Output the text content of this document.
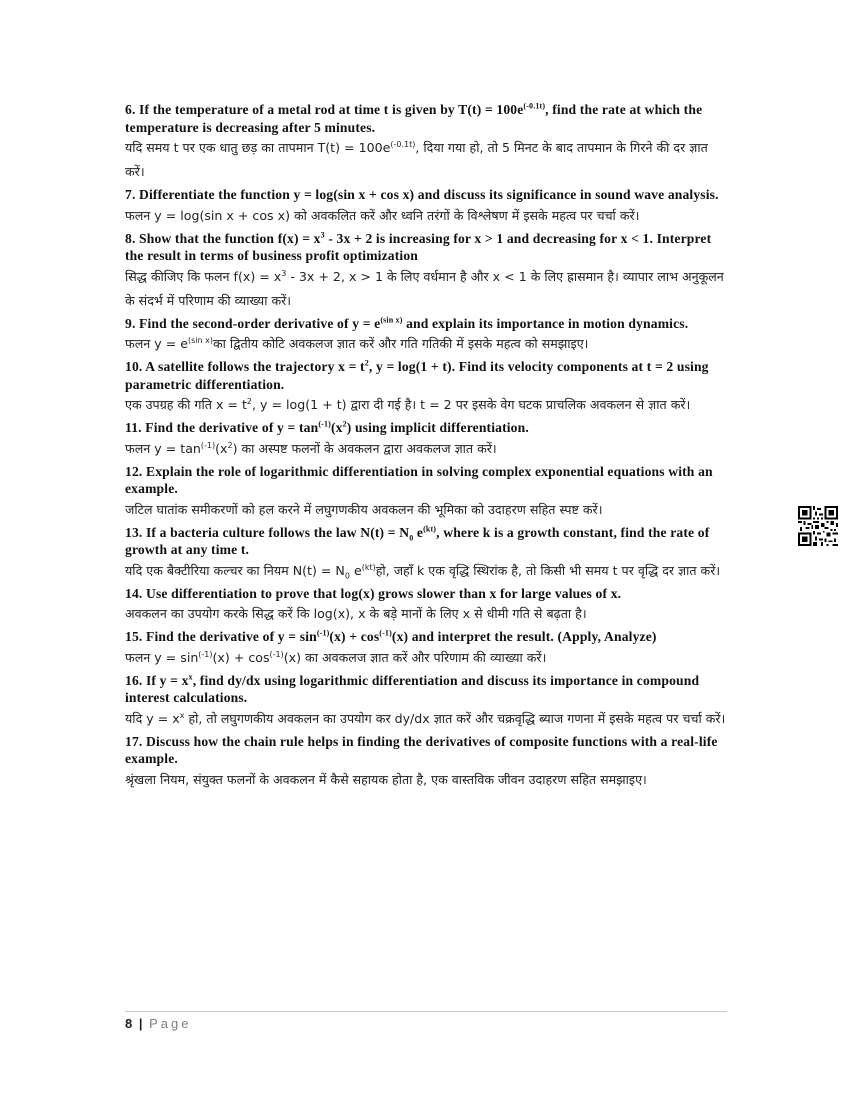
6. If the temperature of a metal rod at time t is given by $T(t) = 100e^{(-0.1t)}$, find the rate at which the temperature is decreasing after 5 minutes.
यदि समय t पर एक धातु छड़ का तापमान $T(t) = 100e^{(-0.1t)}$, दिया गया हो, तो 5 मिनट के बाद तापमान के गिरने की दर ज्ञात करें।
7. Differentiate the function y = log(sin x + cos x) and discuss its significance in sound wave analysis.
फलन y = log(sin x + cos x) को अवकलित करें और ध्वनि तरंगों के विश्लेषण में इसके महत्व पर चर्चा करें।
8. Show that the function $f(x) = x^3 - 3x + 2$ is increasing for x > 1 and decreasing for x < 1. Interpret the result in terms of business profit optimization
सिद्ध कीजिए कि फलन $f(x) = x^3 - 3x + 2$, x > 1 के लिए वर्धमान है और x < 1 के लिए ह्रासमान है। व्यापार लाभ अनुकूलन के संदर्भ में परिणाम की व्याख्या करें।
9. Find the second-order derivative of $y = e^{(sin x)}$ and explain its importance in motion dynamics.
फलन $y = e^{(sin x)}का$ द्वितीय कोटि अवकलज ज्ञात करें और गति गतिकी में इसके महत्व को समझाइए।
10. A satellite follows the trajectory $x = t^2$, y = log(1 + t). Find its velocity components at t = 2 using parametric differentiation.
एक उपग्रह की गति $x = t^2$, y = log(1 + t) द्वारा दी गई है। t = 2 पर इसके वेग घटक प्राचलिक अवकलन से ज्ञात करें।
11. Find the derivative of $y = \tan^{(-1)}(x^2)$ using implicit differentiation.
फलन $y = \tan^{(-1)}(x^2)$ का अस्पष्ट फलनों के अवकलन द्वारा अवकलज ज्ञात करें।
12. Explain the role of logarithmic differentiation in solving complex exponential equations with an example.
जटिल घातांक समीकरणों को हल करने में लघुगणकीय अवकलन की भूमिका को उदाहरण सहित स्पष्ट करें।
13. If a bacteria culture follows the law $N(t) = N_0$ $e^{(kt)}$, where k is a growth constant, find the rate of growth at any time t.
यदि एक बैक्टीरिया कल्चर का नियम $N(t) = N_0$ $e^{(kt)}हो$, जहाँ k एक वृद्धि स्थिरांक है, तो किसी भी समय t पर वृद्धि दर ज्ञात करें।
14. Use differentiation to prove that log(x) grows slower than x for large values of x.
अवकलन का उपयोग करके सिद्ध करें कि log(x), x के बड़े मानों के लिए x से धीमी गति से बढ़ता है।
15. Find the derivative of $y = \sin^{(-1)}(x) + \cos^{(-1)}(x)$ and interpret the result. (Apply, Analyze)
फलन $y = \sin^{(-1)}(x) + \cos^{(-1)}(x)$ का अवकलज ज्ञात करें और परिणाम की व्याख्या करें।
16. If $y = x^x$, find dy/dx using logarithmic differentiation and discuss its importance in compound interest calculations.
यदि $y = x^x$ हो, तो लघुगणकीय अवकलन का उपयोग कर dy/dx ज्ञात करें और चक्रवृद्धि ब्याज गणना में इसके महत्व पर चर्चा करें।
17. Discuss how the chain rule helps in finding the derivatives of composite functions with a real-life example.
श्रृंखला नियम, संयुक्त फलनों के अवकलन में कैसे सहायक होता है, एक वास्तविक जीवन उदाहरण सहित समझाइए।
8 | Page
